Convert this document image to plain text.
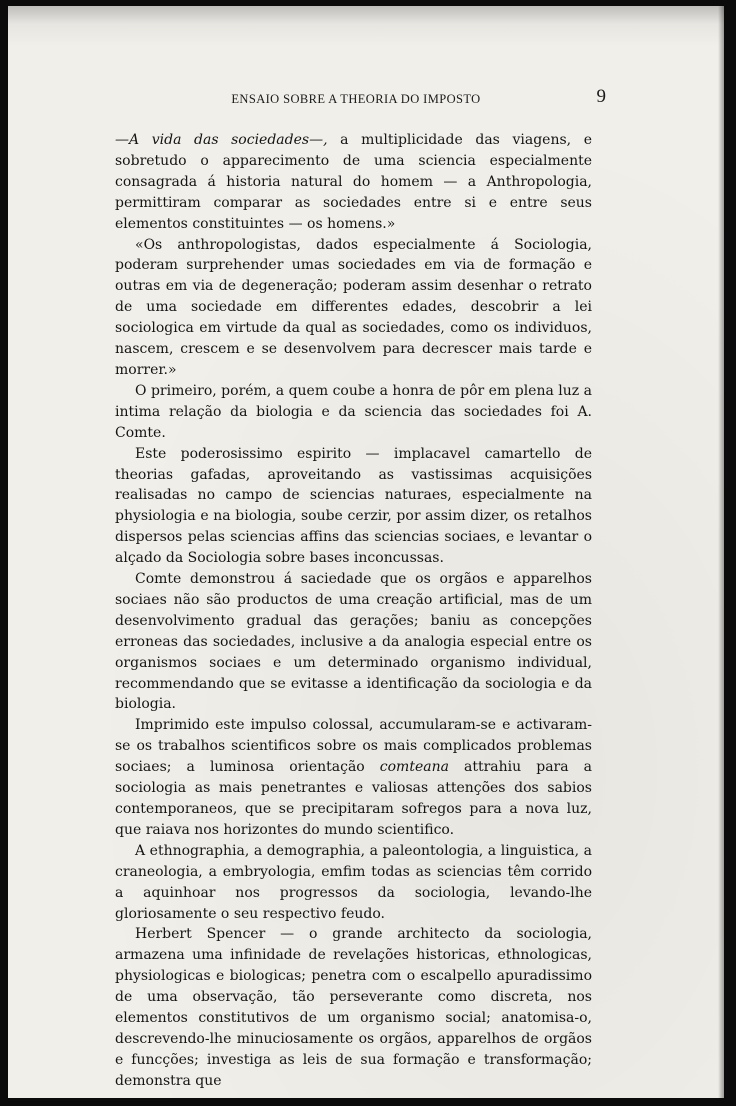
ENSAIO SOBRE A THEORIA DO IMPOSTO	9

—A vida das sociedades—, a multiplicidade das viagens, e sobretudo o apparecimento de uma sciencia especialmente consagrada á historia natural do homem — a Anthropologia, permittiram comparar as sociedades entre si e entre seus elementos constituintes — os homens.»

«Os anthropologistas, dados especialmente á Sociologia, poderam surprehender umas sociedades em via de formação e outras em via de degeneração; poderam assim desenhar o retrato de uma sociedade em differentes edades, descobrir a lei sociologica em virtude da qual as sociedades, como os individuos, nascem, crescem e se desenvolvem para decrescer mais tarde e morrer.»

O primeiro, porém, a quem coube a honra de pôr em plena luz a intima relação da biologia e da sciencia das sociedades foi A. Comte.

Este poderosissimo espirito — implacavel camartello de theorias gafadas, aproveitando as vastissimas acquisições realisadas no campo de sciencias naturaes, especialmente na physiologia e na biologia, soube cerzir, por assim dizer, os retalhos dispersos pelas sciencias affins das sciencias sociaes, e levantar o alçado da Sociologia sobre bases inconcussas.

Comte demonstrou á saciedade que os orgãos e apparelhos sociaes não são productos de uma creação artificial, mas de um desenvolvimento gradual das gerações; baniu as concepções erroneas das sociedades, inclusive a da analogia especial entre os organismos sociaes e um determinado organismo individual, recommendando que se evitasse a identificação da sociologia e da biologia.

Imprimido este impulso colossal, accumularam-se e activaram-se os trabalhos scientificos sobre os mais complicados problemas sociaes; a luminosa orientação comteana attrahiu para a sociologia as mais penetrantes e valiosas attenções dos sabios contemporaneos, que se precipitaram sofregos para a nova luz, que raiava nos horizontes do mundo scientifico.

A ethnographia, a demographia, a paleontologia, a linguistica, a craneologia, a embryologia, emfim todas as sciencias têm corrido a aquinhoar nos progressos da sociologia, levando-lhe gloriosamente o seu respectivo feudo.

Herbert Spencer — o grande architecto da sociologia, armazena uma infinidade de revelações historicas, ethnologicas, physiologicas e biologicas; penetra com o escalpello apuradissimo de uma observação, tão perseverante como discreta, nos elementos constitutivos de um organismo social; anatomisa-o, descrevendo-lhe minuciosamente os orgãos, apparelhos de orgãos e funcções; investiga as leis de sua formação e transformação; demonstra que
